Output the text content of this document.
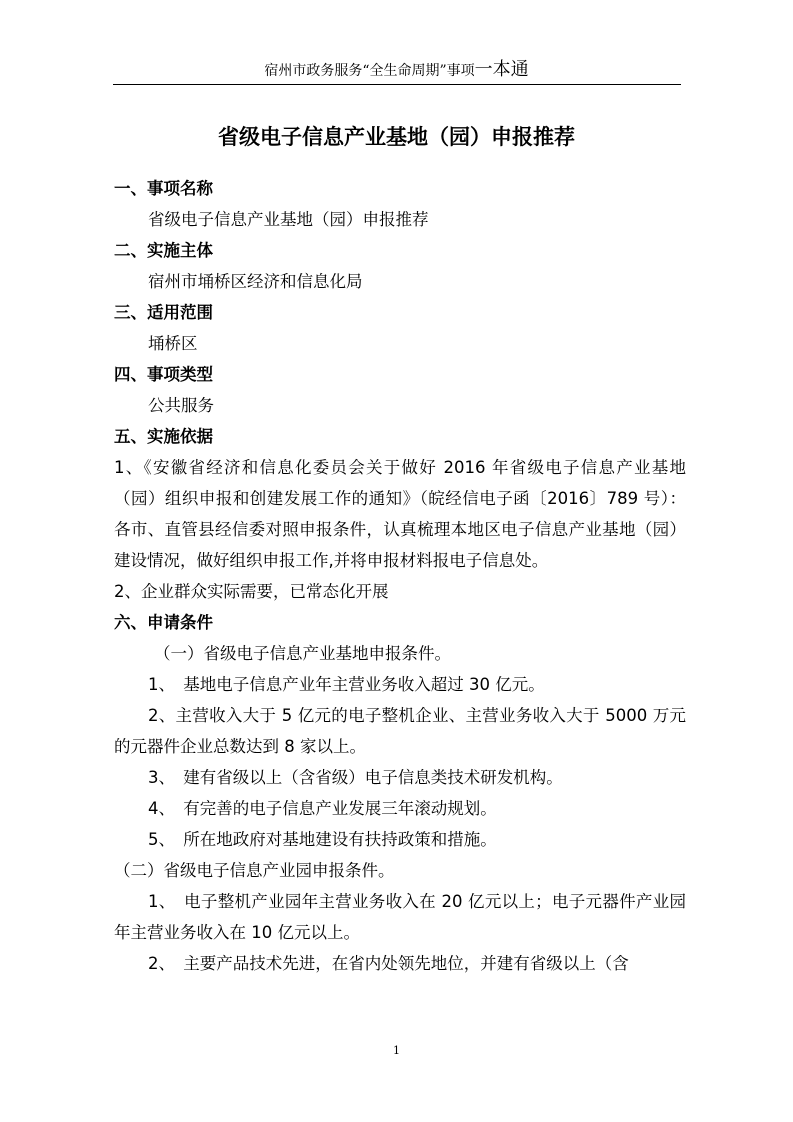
宿州市政务服务“全生命周期”事项一本通
省级电子信息产业基地（园）申报推荐
一、事项名称
省级电子信息产业基地（园）申报推荐
二、实施主体
宿州市埇桥区经济和信息化局
三、适用范围
埇桥区
四、事项类型
公共服务
五、实施依据
1、《安徽省经济和信息化委员会关于做好 2016 年省级电子信息产业基地（园）组织申报和创建发展工作的通知》（皖经信电子函〔2016〕789 号）：各市、直管县经信委对照申报条件，认真梳理本地区电子信息产业基地（园）建设情况，做好组织申报工作,并将申报材料报电子信息处。
2、企业群众实际需要，已常态化开展
六、申请条件
（一）省级电子信息产业基地申报条件。
1、　基地电子信息产业年主营业务收入超过 30 亿元。
2、主营收入大于 5 亿元的电子整机企业、主营业务收入大于 5000 万元的元器件企业总数达到 8 家以上。
3、　建有省级以上（含省级）电子信息类技术研发机构。
4、　有完善的电子信息产业发展三年滚动规划。
5、　所在地政府对基地建设有扶持政策和措施。
（二）省级电子信息产业园申报条件。
1、　电子整机产业园年主营业务收入在 20 亿元以上；电子元器件产业园年主营业务收入在 10 亿元以上。
2、　主要产品技术先进，在省内处领先地位，并建有省级以上（含
1
